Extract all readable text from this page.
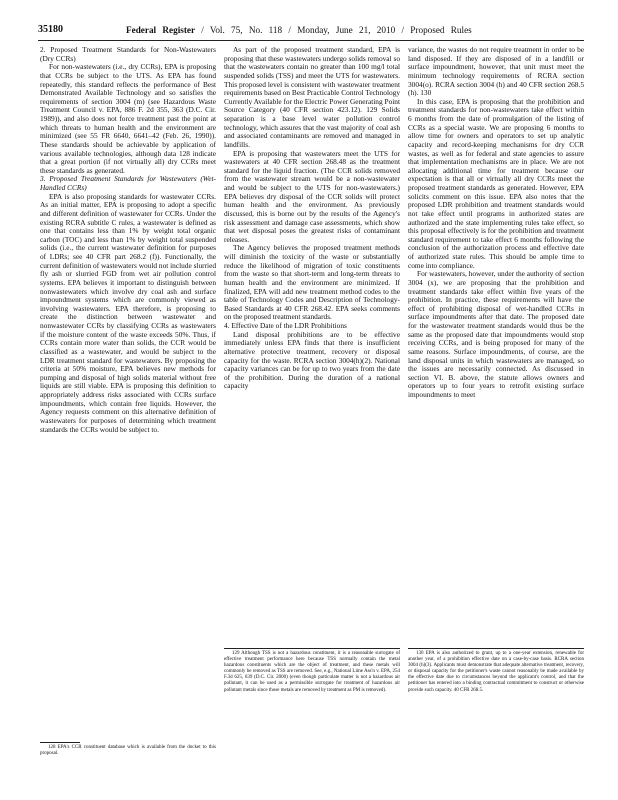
35180	Federal Register / Vol. 75, No. 118 / Monday, June 21, 2010 / Proposed Rules

2. Proposed Treatment Standards for Non-Wastewaters (Dry CCRs)

For non-wastewaters (i.e., dry CCRs), EPA is proposing that CCRs be subject to the UTS. As EPA has found repeatedly, this standard reflects the performance of Best Demonstrated Available Technology and so satisfies the requirements of section 3004 (m) (see Hazardous Waste Treatment Council v. EPA, 886 F. 2d 355, 363 (D.C. Cir. 1989)), and also does not force treatment past the point at which threats to human health and the environment are minimized (see 55 FR 6640, 6641–42 (Feb. 26, 1990)). These standards should be achievable by application of various available technologies, although data 128 indicate that a great portion (if not virtually all) dry CCRs meet these standards as generated.

3. Proposed Treatment Standards for Wastewaters (Wet-Handled CCRs)

EPA is also proposing standards for wastewater CCRs. As an initial matter, EPA is proposing to adopt a specific and different definition of wastewater for CCRs. Under the existing RCRA subtitle C rules, a wastewater is defined as one that contains less than 1% by weight total organic carbon (TOC) and less than 1% by weight total suspended solids (i.e., the current wastewater definition for purposes of LDRs; see 40 CFR part 268.2 (f)). Functionally, the current definition of wastewaters would not include slurried fly ash or slurried FGD from wet air pollution control systems. EPA believes it important to distinguish between nonwastewaters which involve dry coal ash and surface impoundment systems which are commonly viewed as involving wastewaters. EPA therefore, is proposing to create the distinction between wastewater and nonwastewater CCRs by classifying CCRs as wastewaters if the moisture content of the waste exceeds 50%. Thus, if CCRs contain more water than solids, the CCR would be classified as a wastewater, and would be subject to the LDR treatment standard for wastewaters. By proposing the criteria at 50% moisture, EPA believes new methods for pumping and disposal of high solids material without free liquids are still viable. EPA is proposing this definition to appropriately address risks associated with CCRs surface impoundments, which contain free liquids. However, the Agency requests comment on this alternative definition of wastewaters for purposes of determining which treatment standards the CCRs would be subject to.

As part of the proposed treatment standard, EPA is proposing that these wastewaters undergo solids removal so that the wastewaters contain no greater than 100 mg/l total suspended solids (TSS) and meet the UTS for wastewaters. This proposed level is consistent with wastewater treatment requirements based on Best Practicable Control Technology Currently Available for the Electric Power Generating Point Source Category (40 CFR section 423.12). 129 Solids separation is a base level water pollution control technology, which assures that the vast majority of coal ash and associated contaminants are removed and managed in landfills.

EPA is proposing that wastewaters meet the UTS for wastewaters at 40 CFR section 268.48 as the treatment standard for the liquid fraction. (The CCR solids removed from the wastewater stream would be a non-wastewater and would be subject to the UTS for non-wastewaters.) EPA believes dry disposal of the CCR solids will protect human health and the environment. As previously discussed, this is borne out by the results of the Agency's risk assessment and damage case assessments, which show that wet disposal poses the greatest risks of contaminant releases.

The Agency believes the proposed treatment methods will diminish the toxicity of the waste or substantially reduce the likelihood of migration of toxic constituents from the waste so that short-term and long-term threats to human health and the environment are minimized. If finalized, EPA will add new treatment method codes to the table of Technology Codes and Description of Technology-Based Standards at 40 CFR 268.42. EPA seeks comments on the proposed treatment standards.

4. Effective Date of the LDR Prohibitions

Land disposal prohibitions are to be effective immediately unless EPA finds that there is insufficient alternative protective treatment, recovery or disposal capacity for the waste. RCRA section 3004(h)(2). National capacity variances can be for up to two years from the date of the prohibition. During the duration of a national capacity

variance, the wastes do not require treatment in order to be land disposed. If they are disposed of in a landfill or surface impoundment, however, that unit must meet the minimum technology requirements of RCRA section 3004(o). RCRA section 3004 (h) and 40 CFR section 268.5 (h). 130

In this case, EPA is proposing that the prohibition and treatment standards for non-wastewaters take effect within 6 months from the date of promulgation of the listing of CCRs as a special waste. We are proposing 6 months to allow time for owners and operators to set up analytic capacity and record-keeping mechanisms for dry CCR wastes, as well as for federal and state agencies to assure that implementation mechanisms are in place. We are not allocating additional time for treatment because our expectation is that all or virtually all dry CCRs meet the proposed treatment standards as generated. However, EPA solicits comment on this issue. EPA also notes that the proposed LDR prohibition and treatment standards would not take effect until programs in authorized states are authorized and the state implementing rules take effect, so this proposal effectively is for the prohibition and treatment standard requirement to take effect 6 months following the conclusion of the authorization process and effective date of authorized state rules. This should be ample time to come into compliance.

For wastewaters, however, under the authority of section 3004 (x), we are proposing that the prohibition and treatment standards take effect within five years of the prohibition. In practice, these requirements will have the effect of prohibiting disposal of wet-handled CCRs in surface impoundments after that date. The proposed date for the wastewater treatment standards would thus be the same as the proposed date that impoundments would stop receiving CCRs, and is being proposed for many of the same reasons. Surface impoundments, of course, are the land disposal units in which wastewaters are managed, so the issues are necessarily connected. As discussed in section VI. B. above, the statute allows owners and operators up to four years to retrofit existing surface impoundments to meet

128 EPA's CCR constituent database which is available from the docket to this proposal.

129 Although TSS is not a hazardous constituent, it is a reasonable surrogate of effective treatment performance here because TSS normally contain the metal hazardous constituents which are the object of treatment, and these metals will commonly be removed as TSS are removed. See, e.g., National Lime Ass'n v. EPA, 254 F.3d 625, 639 (D.C. Cir. 2000) (even though particulate matter is not a hazardous air pollutant, it can be used as a permissible surrogate for treatment of hazardous air pollutant metals since those metals are removed by treatment as PM is removed).

130 EPA is also authorized to grant, up to a one-year extension, renewable for another year, of a prohibition effective date on a case-by-case basis. RCRA section 3004 (h)(3). Applicants must demonstrate that adequate alternative treatment, recovery, or disposal capacity for the petitioner's waste cannot reasonably be made available by the effective date due to circumstances beyond the applicant's control, and that the petitioner has entered into a binding contractual commitment to construct or otherwise provide such capacity. 40 CFR 268.5.
